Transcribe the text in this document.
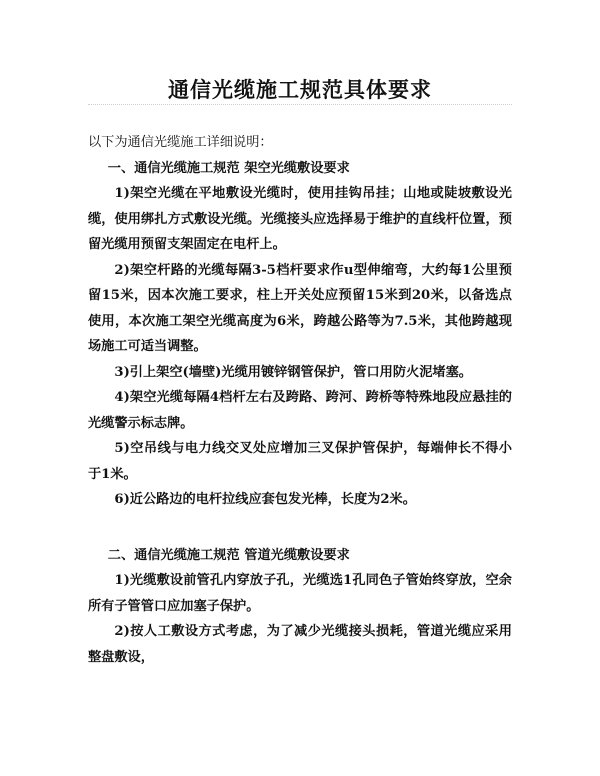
通信光缆施工规范具体要求

以下为通信光缆施工详细说明：

一、通信光缆施工规范 架空光缆敷设要求

1)架空光缆在平地敷设光缆时，使用挂钩吊挂；山地或陡坡敷设光缆，使用绑扎方式敷设光缆。光缆接头应选择易于维护的直线杆位置，预留光缆用预留支架固定在电杆上。

2)架空杆路的光缆每隔3-5档杆要求作u型伸缩弯，大约每1公里预留15米，因本次施工要求，柱上开关处应预留15米到20米，以备选点使用，本次施工架空光缆高度为6米，跨越公路等为7.5米，其他跨越现场施工可适当调整。

3)引上架空(墙壁)光缆用镀锌钢管保护，管口用防火泥堵塞。

4)架空光缆每隔4档杆左右及跨路、跨河、跨桥等特殊地段应悬挂的光缆警示标志牌。

5)空吊线与电力线交叉处应增加三叉保护管保护，每端伸长不得小于1米。

6)近公路边的电杆拉线应套包发光棒，长度为2米。

二、通信光缆施工规范 管道光缆敷设要求

1)光缆敷设前管孔内穿放子孔，光缆选1孔同色子管始终穿放，空余所有子管管口应加塞子保护。

2)按人工敷设方式考虑，为了减少光缆接头损耗，管道光缆应采用整盘敷设，
